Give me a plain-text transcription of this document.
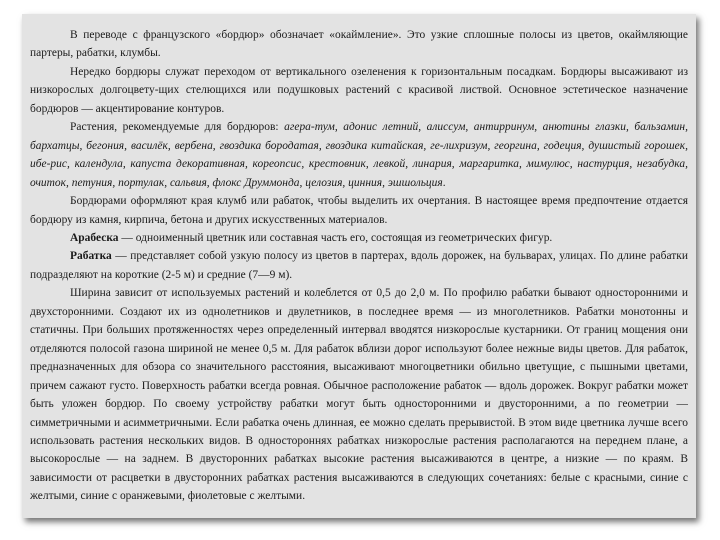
В переводе с французского «бордюр» обозначает «окаймление». Это узкие сплошные полосы из цветов, окаймляющие партеры, рабатки, клумбы.

Нередко бордюры служат переходом от вертикального озеленения к горизонтальным посадкам. Бордюры высаживают из низкорослых долгоцвету-щих стелющихся или подушковых растений с красивой листвой. Основное эстетическое назначение бордюров — акцентирование контуров.

Растения, рекомендуемые для бордюров: агера-тум, адонис летний, алиссум, антирринум, анютины глазки, бальзамин, бархатцы, бегония, василёк, вербена, гвоздика бородатая, гвоздика китайская, ге-лихризум, георгина, годеция, душистый горошек, ибе-рис, календула, капуста декоративная, кореопсис, крестовник, левкой, линария, маргаритка, мимулюс, настурция, незабудка, очиток, петуния, портулак, сальвия, флокс Друммонда, целозия, цинния, эшшольция.

Бордюрами оформляют края клумб или рабаток, чтобы выделить их очертания. В настоящее время предпочтение отдается бордюру из камня, кирпича, бетона и других искусственных материалов.

Арабеска — одноименный цветник или составная часть его, состоящая из геометрических фигур.

Рабатка — представляет собой узкую полосу из цветов в партерах, вдоль дорожек, на бульварах, улицах. По длине рабатки подразделяют на короткие (2-5 м) и средние (7—9 м).

Ширина зависит от используемых растений и колеблется от 0,5 до 2,0 м. По профилю рабатки бывают односторонними и двухсторонними. Создают их из однолетников и двулетников, в последнее время — из многолетников. Рабатки монотонны и статичны. При больших протяженностях через определенный интервал вводятся низкорослые кустарники. От границ мощения они отделяются полосой газона шириной не менее 0,5 м. Для рабаток вблизи дорог используют более нежные виды цветов. Для рабаток, предназначенных для обзора со значительного расстояния, высаживают многоцветники обильно цветущие, с пышными цветами, причем сажают густо. Поверхность рабатки всегда ровная. Обычное расположение рабаток — вдоль дорожек. Вокруг рабатки может быть уложен бордюр. По своему устройству рабатки могут быть односторонними и двусторонними, а по геометрии — симметричными и асимметричными. Если рабатка очень длинная, ее можно сделать прерывистой. В этом виде цветника лучше всего использовать растения нескольких видов. В одностороннях рабатках низкорослые растения располагаются на переднем плане, а высокорослые — на заднем. В двусторонних рабатках высокие растения высаживаются в центре, а низкие — по краям. В зависимости от расцветки в двусторонних рабатках растения высаживаются в следующих сочетаниях: белые с красными, синие с желтыми, синие с оранжевыми, фиолетовые с желтыми.
